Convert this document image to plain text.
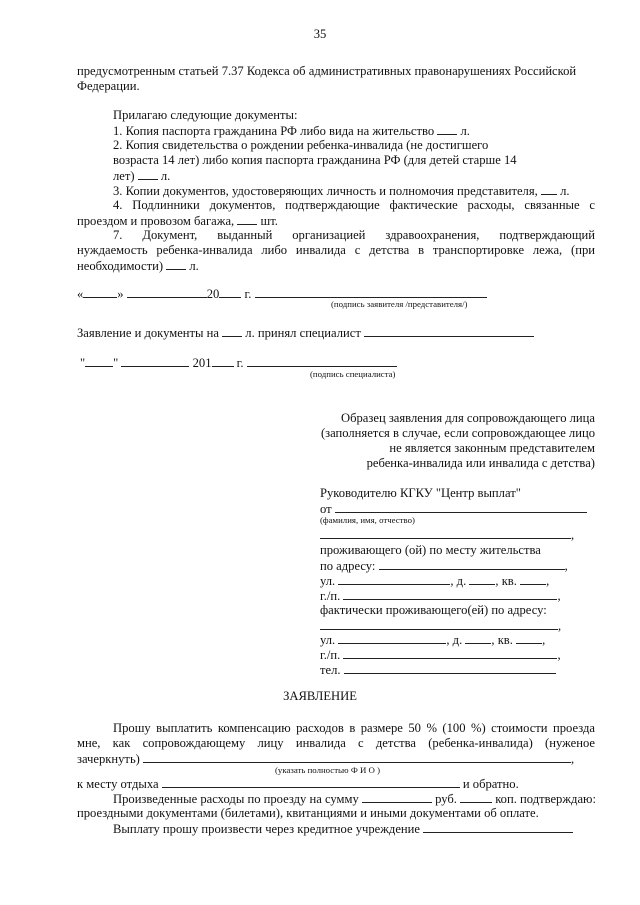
35
предусмотренным статьей 7.37 Кодекса об административных правонарушениях Российской
Федерации.
Прилагаю следующие документы:
1. Копия паспорта гражданина РФ либо вида на жительство л.
2. Копия свидетельства о рождении ребенка-инвалида (не достигшего
возраста 14 лет) либо копия паспорта гражданина РФ (для детей старше 14
лет) л.
3. Копии документов, удостоверяющих личность и полномочия представителя, л.
4. Подлинники документов, подтверждающие фактические расходы, связанные с
проездом и провозом багажа, шт.
7. Документ, выданный организацией здравоохранения, подтверждающий
нуждаемость ребенка-инвалида либо инвалида с детства в транспортировке лежа, (при
необходимости) л.
«	»	20 г.
(подпись заявителя /представителя/)
Заявление и документы на л. принял специалист
" "	201 г.
(подпись специалиста)
Образец заявления для сопровождающего лица
(заполняется в случае, если сопровождающее лицо
не является законным представителем
ребенка-инвалида или инвалида с детства)
Руководителю КГКУ "Центр выплат"
от
(фамилия, имя, отчество)
,
проживающего (ой) по месту жительства
по адресу:	,
ул.	, д. , кв. ,
г./п.	,
фактически проживающего(ей) по адресу:
,
ул.	, д. , кв. ,
г./п.	,
тел.
ЗАЯВЛЕНИЕ
Прошу выплатить компенсацию расходов в размере 50 % (100 %) стоимости проезда
мне, как сопровождающему лицу инвалида с детства (ребенка-инвалида) (нуженое
зачеркнуть)	,
(указать полностью Ф И О )
к месту отдыха	и обратно.
Произведенные расходы по проезду на сумму	руб.	коп. подтверждаю:
проездными документами (билетами), квитанциями и иными документами об оплате.
Выплату прошу произвести через кредитное учреждение
